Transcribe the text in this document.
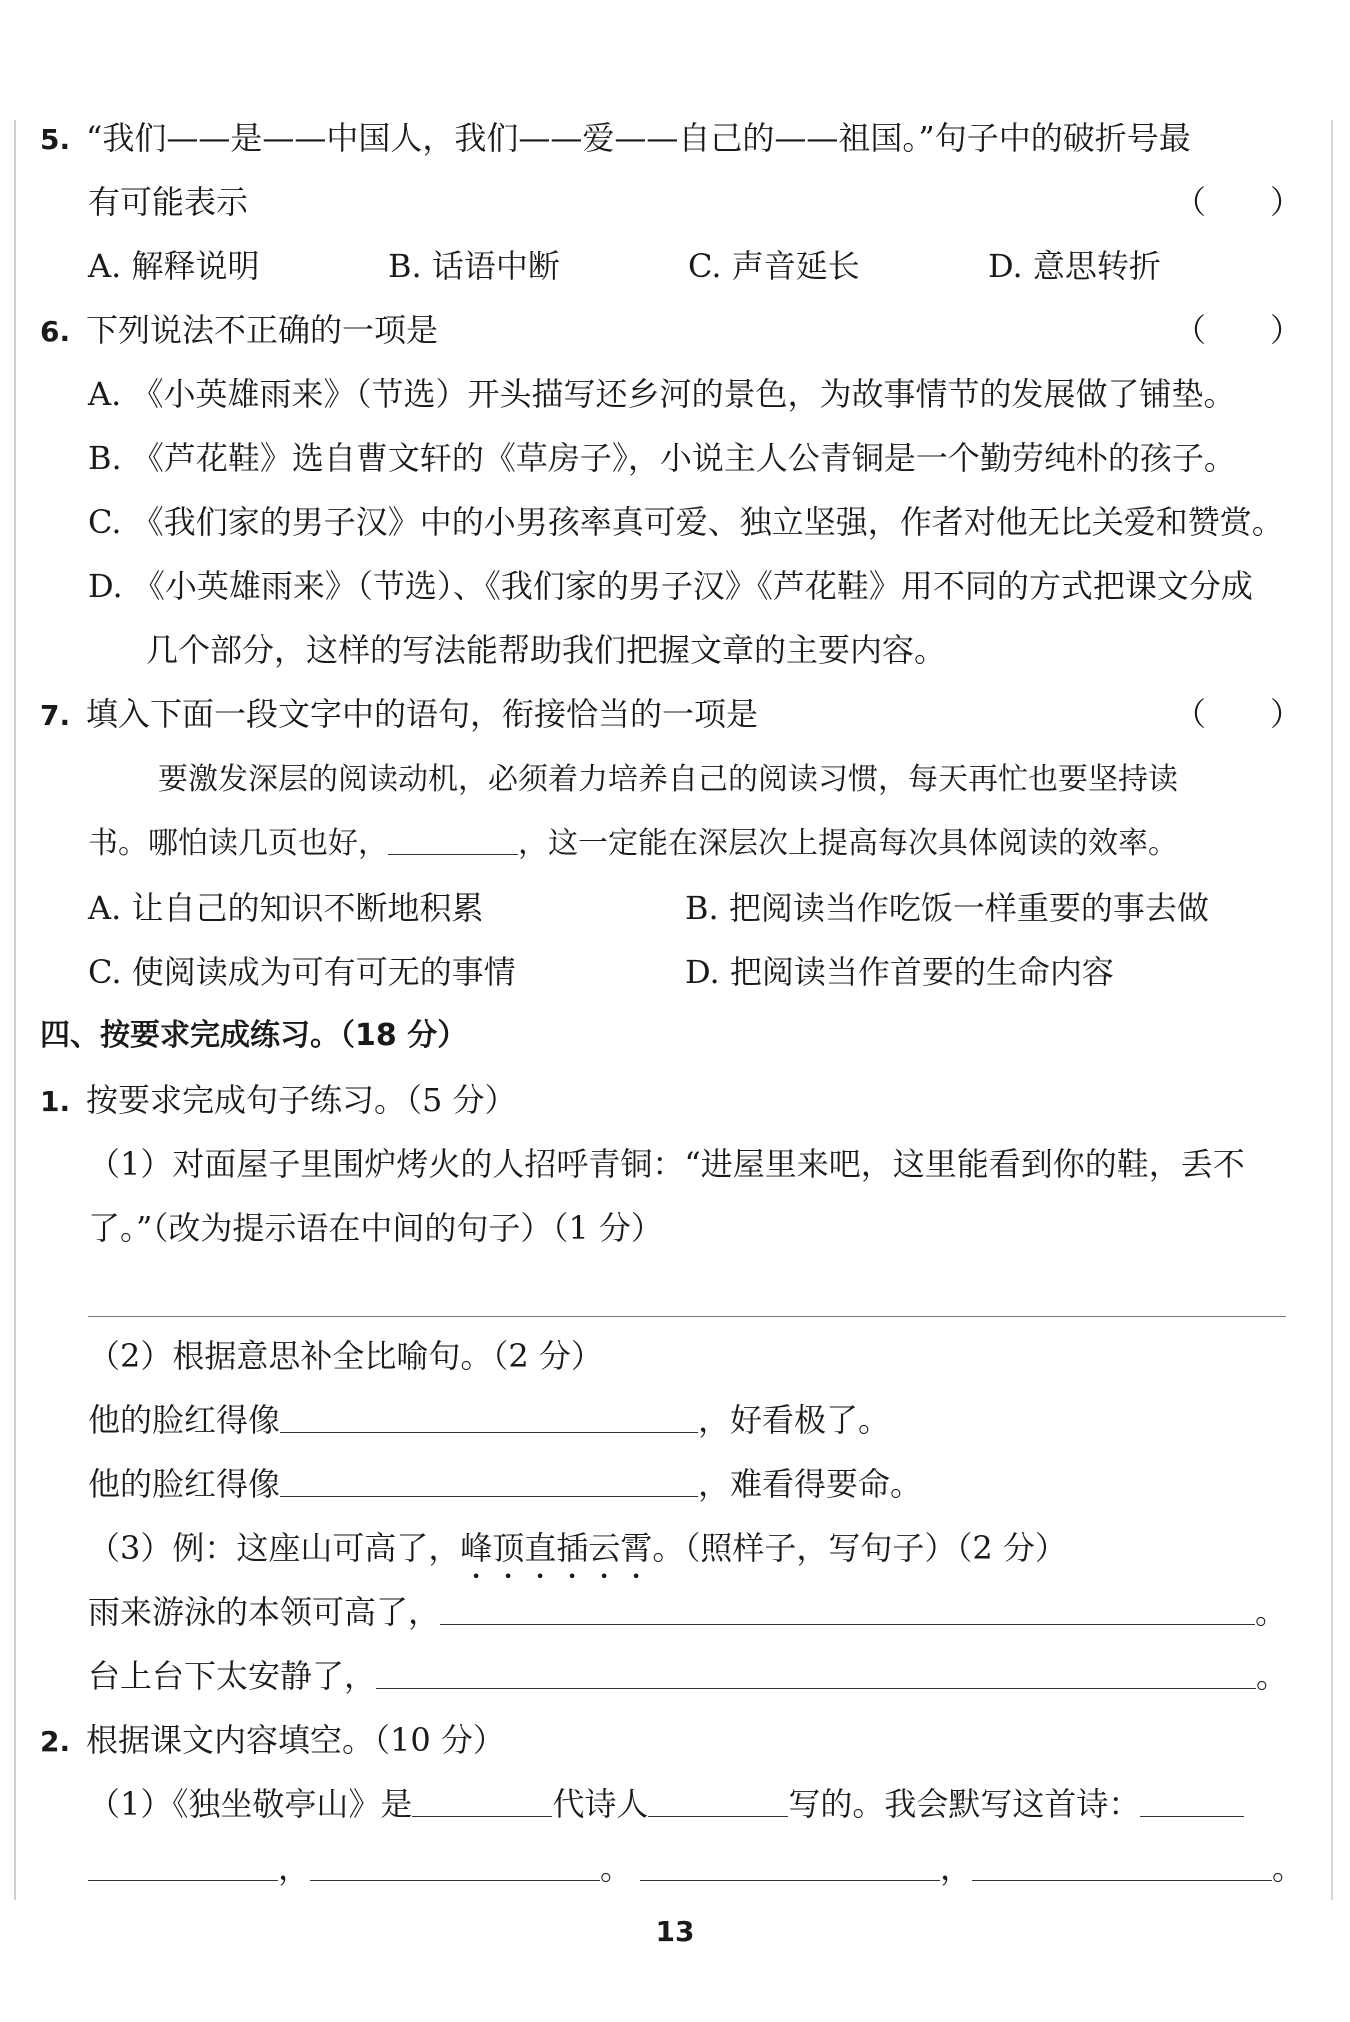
5. “我们——是——中国人，我们——爱——自己的——祖国。”句子中的破折号最
有可能表示	（　　）
A. 解释说明	B. 话语中断	C. 声音延长	D. 意思转折
6. 下列说法不正确的一项是	（　　）
A. 《小英雄雨来》（节选）开头描写还乡河的景色，为故事情节的发展做了铺垫。
B. 《芦花鞋》选自曹文轩的《草房子》，小说主人公青铜是一个勤劳纯朴的孩子。
C. 《我们家的男子汉》中的小男孩率真可爱、独立坚强，作者对他无比关爱和赞赏。
D. 《小英雄雨来》（节选）、《我们家的男子汉》《芦花鞋》用不同的方式把课文分成
几个部分，这样的写法能帮助我们把握文章的主要内容。
7. 填入下面一段文字中的语句，衔接恰当的一项是	（　　）
要激发深层的阅读动机，必须着力培养自己的阅读习惯，每天再忙也要坚持读
书。哪怕读几页也好，	，这一定能在深层次上提高每次具体阅读的效率。
A. 让自己的知识不断地积累	B. 把阅读当作吃饭一样重要的事去做
C. 使阅读成为可有可无的事情	D. 把阅读当作首要的生命内容
四、按要求完成练习。（18 分）
1. 按要求完成句子练习。（5 分）
（1）对面屋子里围炉烤火的人招呼青铜：“进屋里来吧，这里能看到你的鞋，丢不
了。”（改为提示语在中间的句子）（1 分）
（2）根据意思补全比喻句。（2 分）
他的脸红得像	，好看极了。
他的脸红得像	，难看得要命。
（3）例：这座山可高了，峰顶直插云霄。（照样子，写句子）（2 分）
雨来游泳的本领可高了，	。
台上台下太安静了，	。
2. 根据课文内容填空。（10 分）
（1）《独坐敬亭山》是	代诗人	写的。我会默写这首诗：
，	。	，	。
13
